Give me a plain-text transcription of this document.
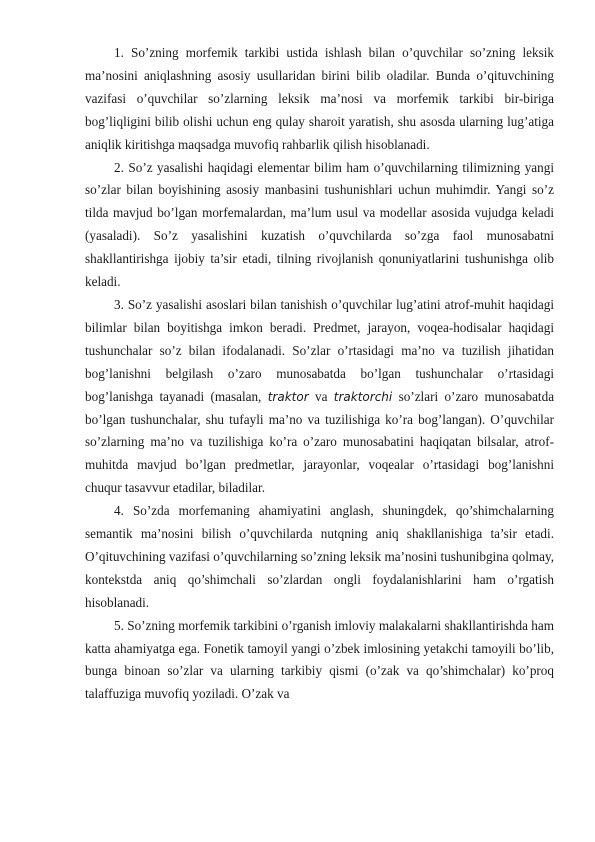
1. So’zning morfemik tarkibi ustida ishlash bilan o’quvchilar so’zning leksik ma’nosini aniqlashning asosiy usullaridan birini bilib oladilar. Bunda o’qituvchining vazifasi o’quvchilar so’zlarning leksik ma’nosi va morfemik tarkibi bir-biriga bog’liqligini bilib olishi uchun eng qulay sharoit yaratish, shu asosda ularning lug’atiga aniqlik kiritishga maqsadga muvofiq rahbarlik qilish hisoblanadi.

2. So’z yasalishi haqidagi elementar bilim ham o’quvchilarning tilimizning yangi so’zlar bilan boyishining asosiy manbasini tushunishlari uchun muhimdir. Yangi so’z tilda mavjud bo’lgan morfemalardan, ma’lum usul va modellar asosida vujudga keladi (yasaladi). So’z yasalishini kuzatish o’quvchilarda so’zga faol munosabatni shakllantirishga ijobiy ta’sir etadi, tilning rivojlanish qonuniyatlarini tushunishga olib keladi.

3. So’z yasalishi asoslari bilan tanishish o’quvchilar lug’atini atrof-muhit haqidagi bilimlar bilan boyitishga imkon beradi. Predmet, jarayon, voqea-hodisalar haqidagi tushunchalar so’z bilan ifodalanadi. So’zlar o’rtasidagi ma’no va tuzilish jihatidan bog’lanishni belgilash o’zaro munosabatda bo’lgan tushunchalar o’rtasidagi bog’lanishga tayanadi (masalan, traktor va traktorchi so’zlari o’zaro munosabatda bo’lgan tushunchalar, shu tufayli ma’no va tuzilishiga ko’ra bog’langan). O’quvchilar so’zlarning ma’no va tuzilishiga ko’ra o’zaro munosabatini haqiqatan bilsalar, atrof-muhitda mavjud bo’lgan predmetlar, jarayonlar, voqealar o’rtasidagi bog’lanishni chuqur tasavvur etadilar, biladilar.

4. So’zda morfemaning ahamiyatini anglash, shuningdek, qo’shimchalarning semantik ma’nosini bilish o’quvchilarda nutqning aniq shakllanishiga ta’sir etadi. O’qituvchining vazifasi o’quvchilarning so’zning leksik ma’nosini tushunibgina qolmay, kontekstda aniq qo’shimchali so’zlardan ongli foydalanishlarini ham o’rgatish hisoblanadi.

5. So’zning morfemik tarkibini o’rganish imloviy malakalarni shakllantirishda ham katta ahamiyatga ega. Fonetik tamoyil yangi o’zbek imlosining yetakchi tamoyili bo’lib, bunga binoan so’zlar va ularning tarkibiy qismi (o’zak va qo’shimchalar) ko’proq talaffuziga muvofiq yoziladi. O’zak va
